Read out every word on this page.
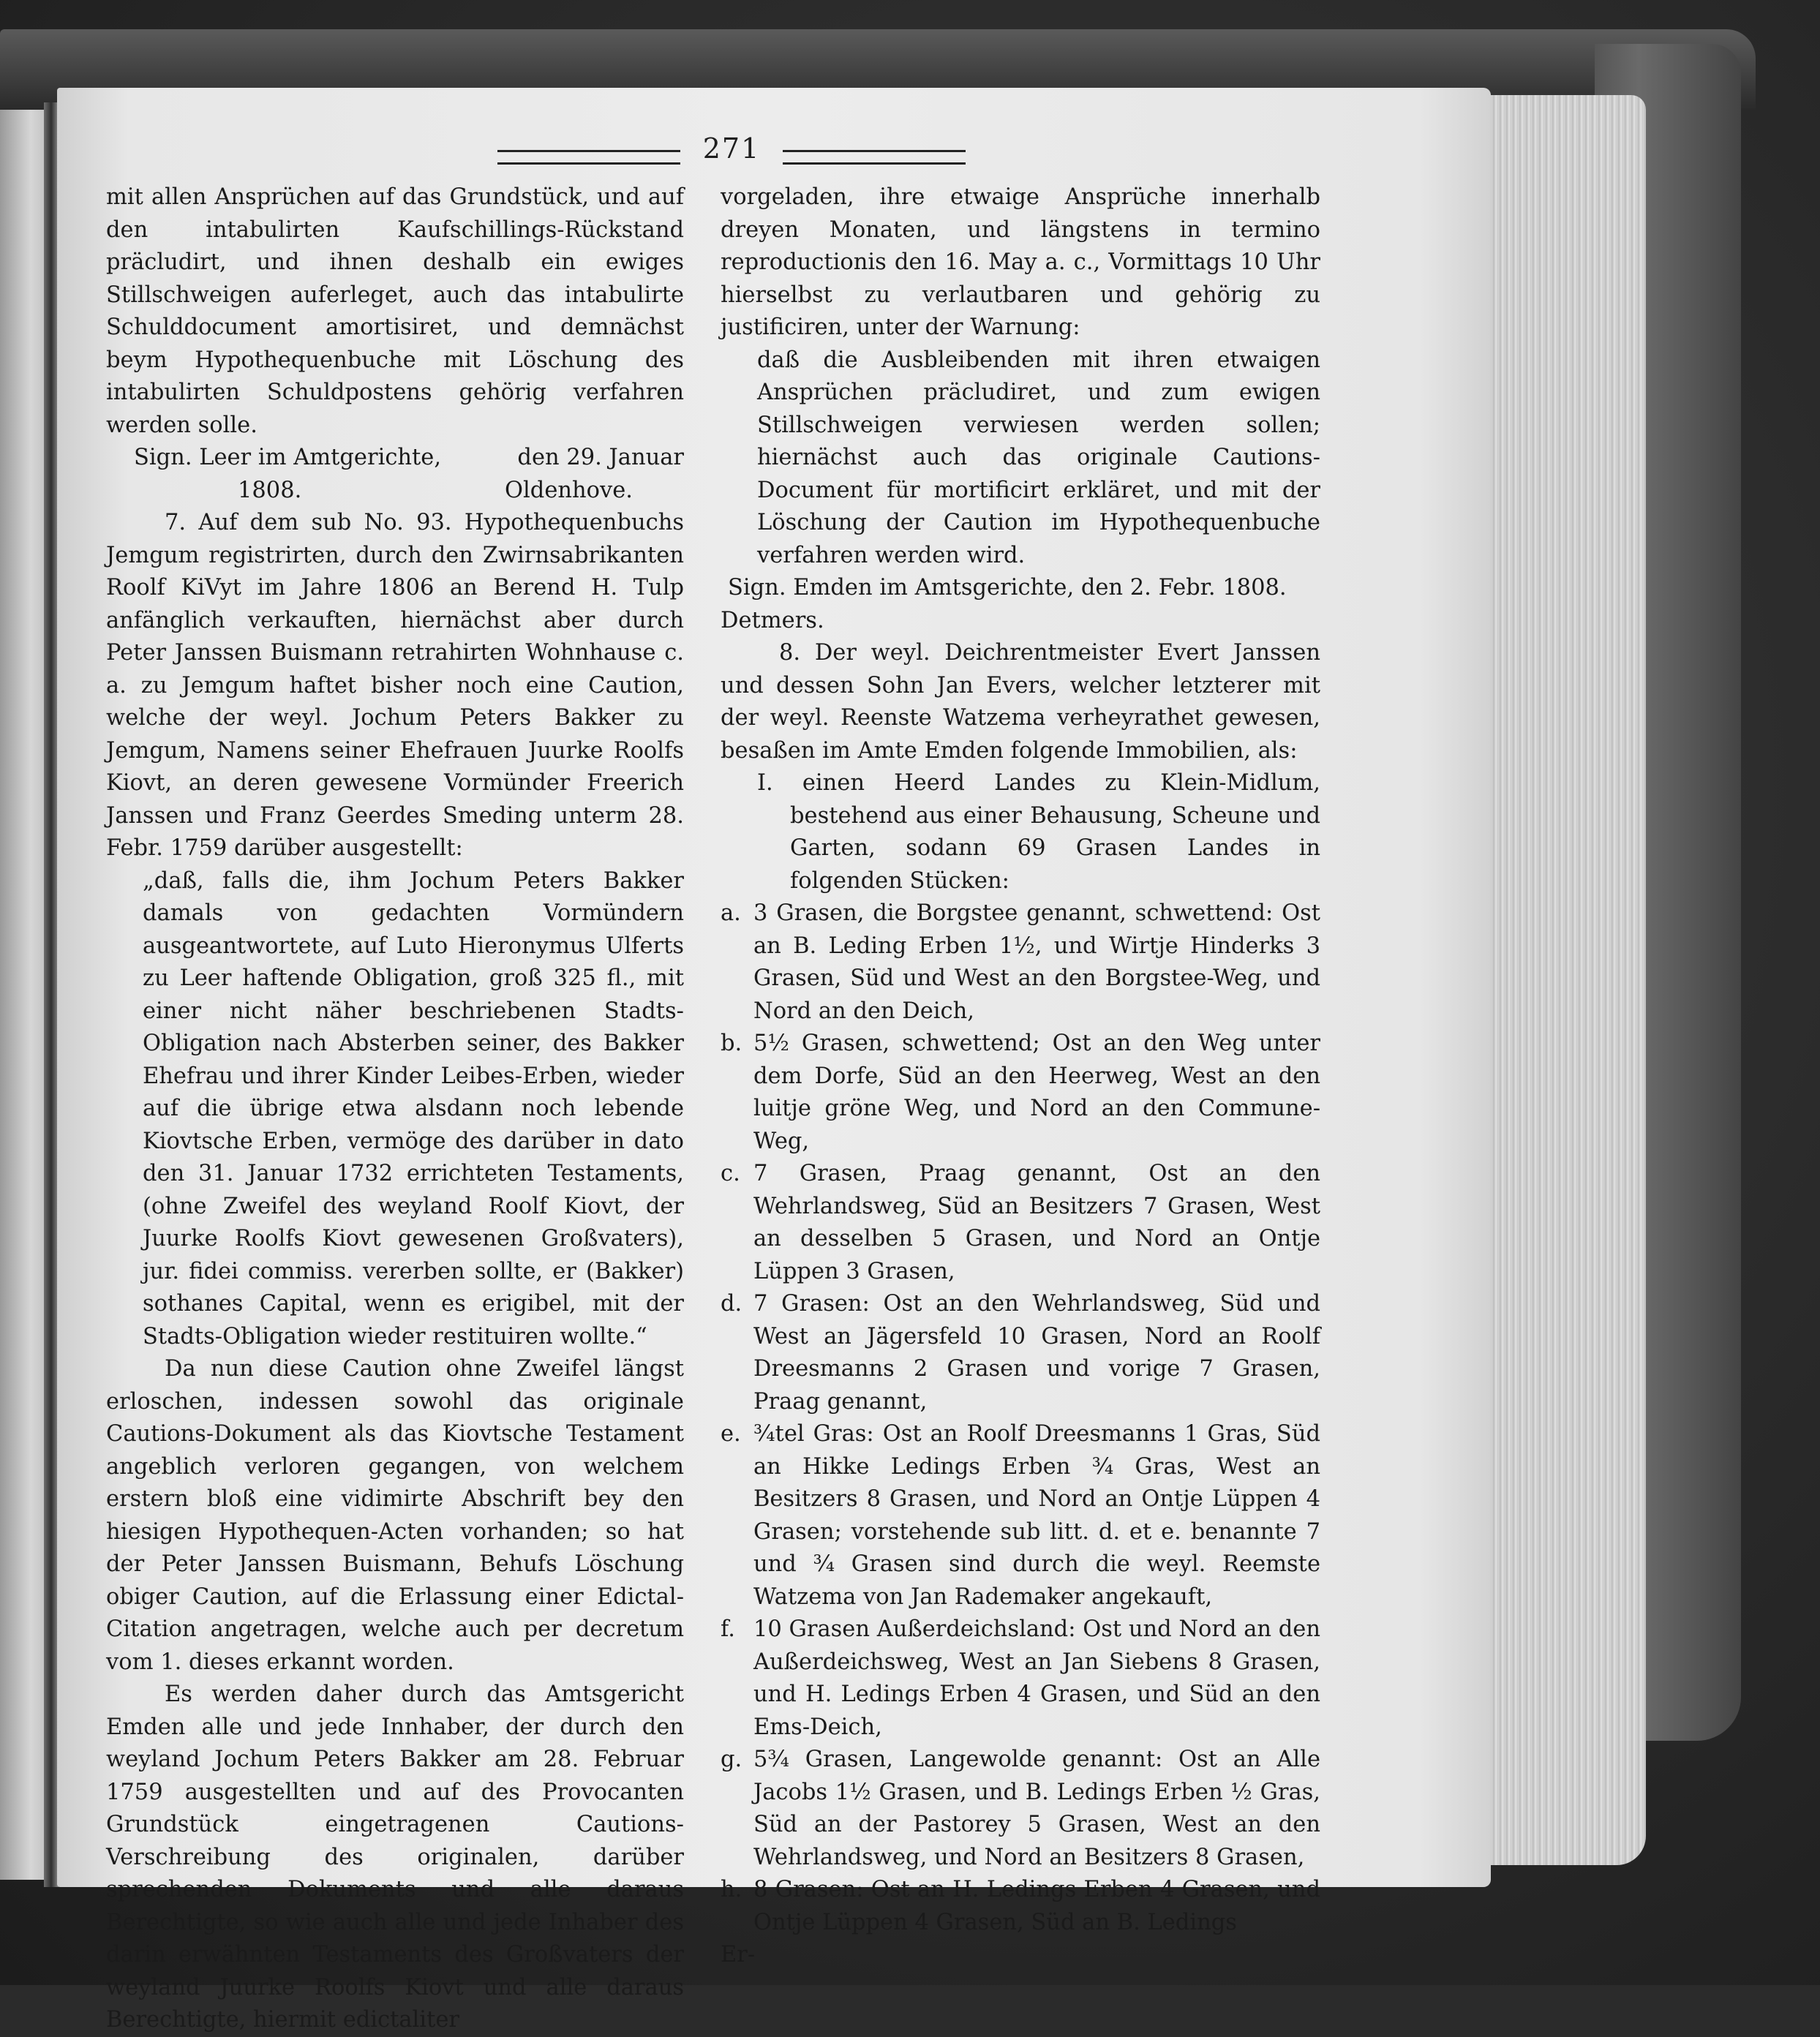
271

mit allen Ansprüchen auf das Grundstück, und auf den intabulirten Kaufschillings-Rückstand präcludirt, und ihnen deshalb ein ewiges Stillschweigen auferleget, auch das intabulirte Schulddocument amortisiret, und demnächst beym Hypothequenbuche mit Löschung des intabulirten Schuldpostens gehörig verfahren werden solle.

Sign. Leer im Amtgerichte,	den 29. Januar
1808.	Oldenhove.

7. Auf dem sub No. 93. Hypothequenbuchs Jemgum registrirten, durch den Zwirnsabrikanten Roolf KiVyt im Jahre 1806 an Berend H. Tulp anfänglich verkauften, hiernächst aber durch Peter Janssen Buismann retrahirten Wohnhause c. a. zu Jemgum haftet bisher noch eine Caution, welche der weyl. Jochum Peters Bakker zu Jemgum, Namens seiner Ehefrauen Juurke Roolfs Kiovt, an deren gewesene Vormünder Freerich Janssen und Franz Geerdes Smeding unterm 28. Febr. 1759 darüber ausgestellt:

„daß, falls die, ihm Jochum Peters Bakker damals von gedachten Vormündern ausgeantwortete, auf Luto Hieronymus Ulferts zu Leer haftende Obligation, groß 325 fl., mit einer nicht näher beschriebenen Stadts-Obligation nach Absterben seiner, des Bakker Ehefrau und ihrer Kinder Leibes-Erben, wieder auf die übrige etwa alsdann noch lebende Kiovtsche Erben, vermöge des darüber in dato den 31. Januar 1732 errichteten Testaments, (ohne Zweifel des weyland Roolf Kiovt, der Juurke Roolfs Kiovt gewesenen Großvaters), jur. fidei commiss. vererben sollte, er (Bakker) sothanes Capital, wenn es erigibel, mit der Stadts-Obligation wieder restituiren wollte.“

Da nun diese Caution ohne Zweifel längst erloschen, indessen sowohl das originale Cautions-Dokument als das Kiovtsche Testament angeblich verloren gegangen, von welchem erstern bloß eine vidimirte Abschrift bey den hiesigen Hypothequen-Acten vorhanden; so hat der Peter Janssen Buismann, Behufs Löschung obiger Caution, auf die Erlassung einer Edictal-Citation angetragen, welche auch per decretum vom 1. dieses erkannt worden.

Es werden daher durch das Amtsgericht Emden alle und jede Innhaber, der durch den weyland Jochum Peters Bakker am 28. Februar 1759 ausgestellten und auf des Provocanten Grundstück eingetragenen Cautions-Verschreibung des originalen, darüber sprechenden Dokuments und alle daraus Berechtigte, so wie auch alle und jede Inhaber des darin erwähnten Testaments des Großvaters der weyland Juurke Roolfs Kiovt und alle daraus Berechtigte, hiermit edictaliter

vorgeladen, ihre etwaige Ansprüche innerhalb dreyen Monaten, und längstens in termino reproductionis den 16. May a. c., Vormittags 10 Uhr hierselbst zu verlautbaren und gehörig zu justificiren, unter der Warnung:

daß die Ausbleibenden mit ihren etwaigen Ansprüchen präcludiret, und zum ewigen Stillschweigen verwiesen werden sollen; hiernächst auch das originale Cautions-Document für mortificirt erkläret, und mit der Löschung der Caution im Hypothequenbuche verfahren werden wird.

Sign. Emden im Amtsgerichte, den 2. Febr. 1808.

Detmers.

8. Der weyl. Deichrentmeister Evert Janssen und dessen Sohn Jan Evers, welcher letzterer mit der weyl. Reenste Watzema verheyrathet gewesen, besaßen im Amte Emden folgende Immobilien, als:

I. einen Heerd Landes zu Klein-Midlum, bestehend aus einer Behausung, Scheune und Garten, sodann 69 Grasen Landes in folgenden Stücken:

a. 3 Grasen, die Borgstee genannt, schwettend: Ost an B. Leding Erben 1½, und Wirtje Hinderks 3 Grasen, Süd und West an den Borgstee-Weg, und Nord an den Deich,

b. 5½ Grasen, schwettend; Ost an den Weg unter dem Dorfe, Süd an den Heerweg, West an den luitje gröne Weg, und Nord an den Commune-Weg,

c. 7 Grasen, Praag genannt, Ost an den Wehrlandsweg, Süd an Besitzers 7 Grasen, West an desselben 5 Grasen, und Nord an Ontje Lüppen 3 Grasen,

d. 7 Grasen: Ost an den Wehrlandsweg, Süd und West an Jägersfeld 10 Grasen, Nord an Roolf Dreesmanns 2 Grasen und vorige 7 Grasen, Praag genannt,

e. ¾tel Gras: Ost an Roolf Dreesmanns 1 Gras, Süd an Hikke Ledings Erben ¾ Gras, West an Besitzers 8 Grasen, und Nord an Ontje Lüppen 4 Grasen; vorstehende sub litt. d. et e. benannte 7 und ¾ Grasen sind durch die weyl. Reemste Watzema von Jan Rademaker angekauft,

f. 10 Grasen Außerdeichsland: Ost und Nord an den Außerdeichsweg, West an Jan Siebens 8 Grasen, und H. Ledings Erben 4 Grasen, und Süd an den Ems-Deich,

g. 5¾ Grasen, Langewolde genannt: Ost an Alle Jacobs 1½ Grasen, und B. Ledings Erben ½ Gras, Süd an der Pastorey 5 Grasen, West an den Wehrlandsweg, und Nord an Besitzers 8 Grasen,

h. 8 Grasen: Ost an H. Ledings Erben 4 Grasen, und Ontje Lüppen 4 Grasen, Süd an B. Ledings

Er-
